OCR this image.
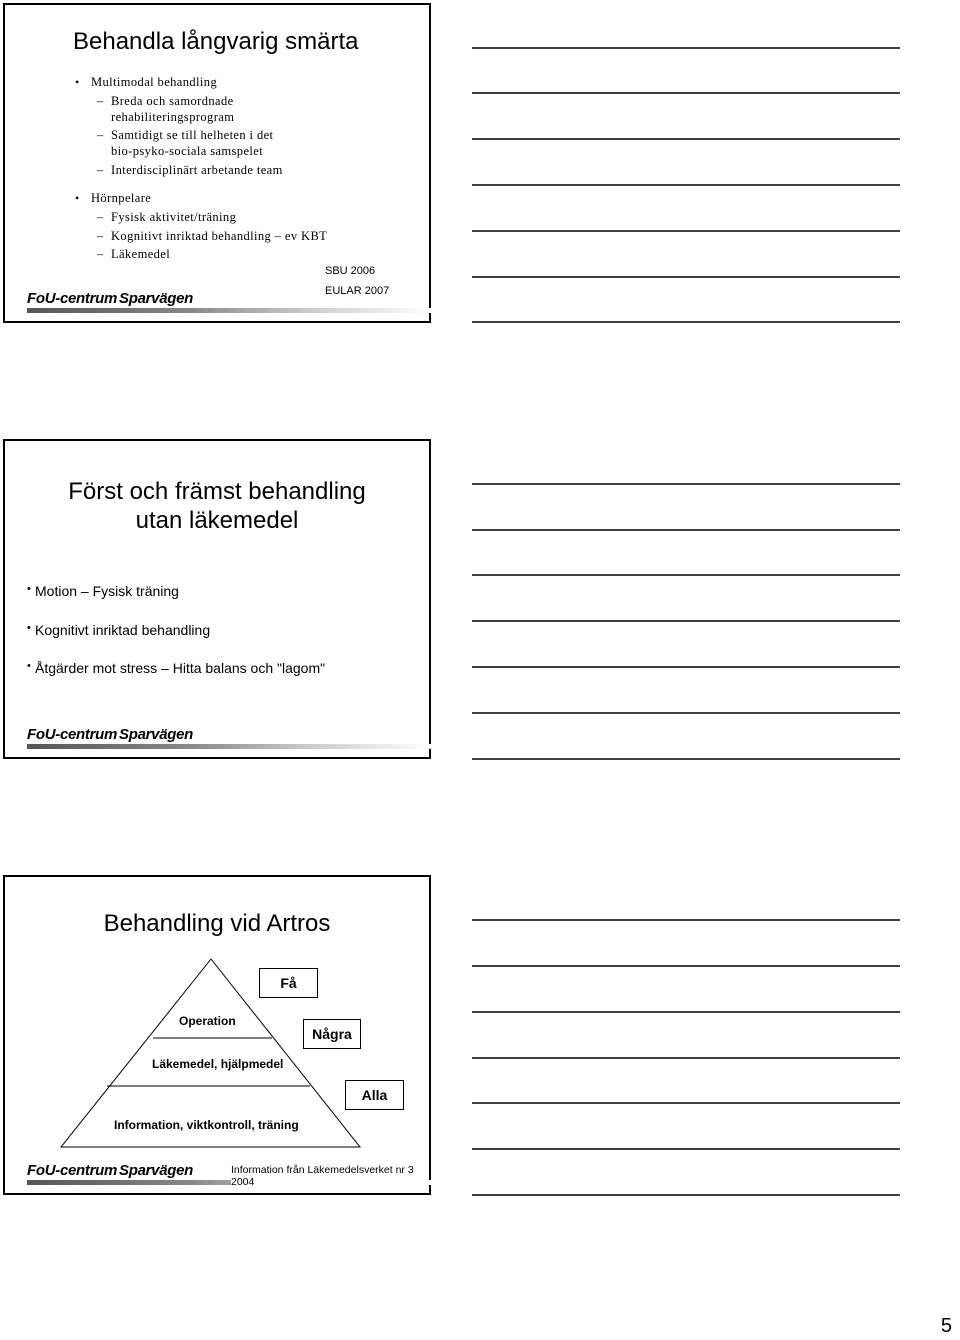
Behandla långvarig smärta
• Multimodal behandling
– Breda och samordnade
rehabiliteringsprogram
– Samtidigt se till helheten i det
bio-psyko-sociala samspelet
– Interdisciplinärt arbetande team
• Hörnpelare
– Fysisk aktivitet/träning
– Kognitivt inriktad behandling – ev KBT
– Läkemedel
SBU 2006
EULAR 2007
FoU-centrum Sparvägen
Först och främst behandling
utan läkemedel
• Motion – Fysisk träning
• Kognitivt inriktad behandling
• Åtgärder mot stress – Hitta balans och "lagom"
FoU-centrum Sparvägen
Behandling vid Artros
Operation
Läkemedel, hjälpmedel
Information, viktkontroll, träning
Få
Några
Alla
FoU-centrum Sparvägen	Information från Läkemedelsverket nr 3 2004
5
